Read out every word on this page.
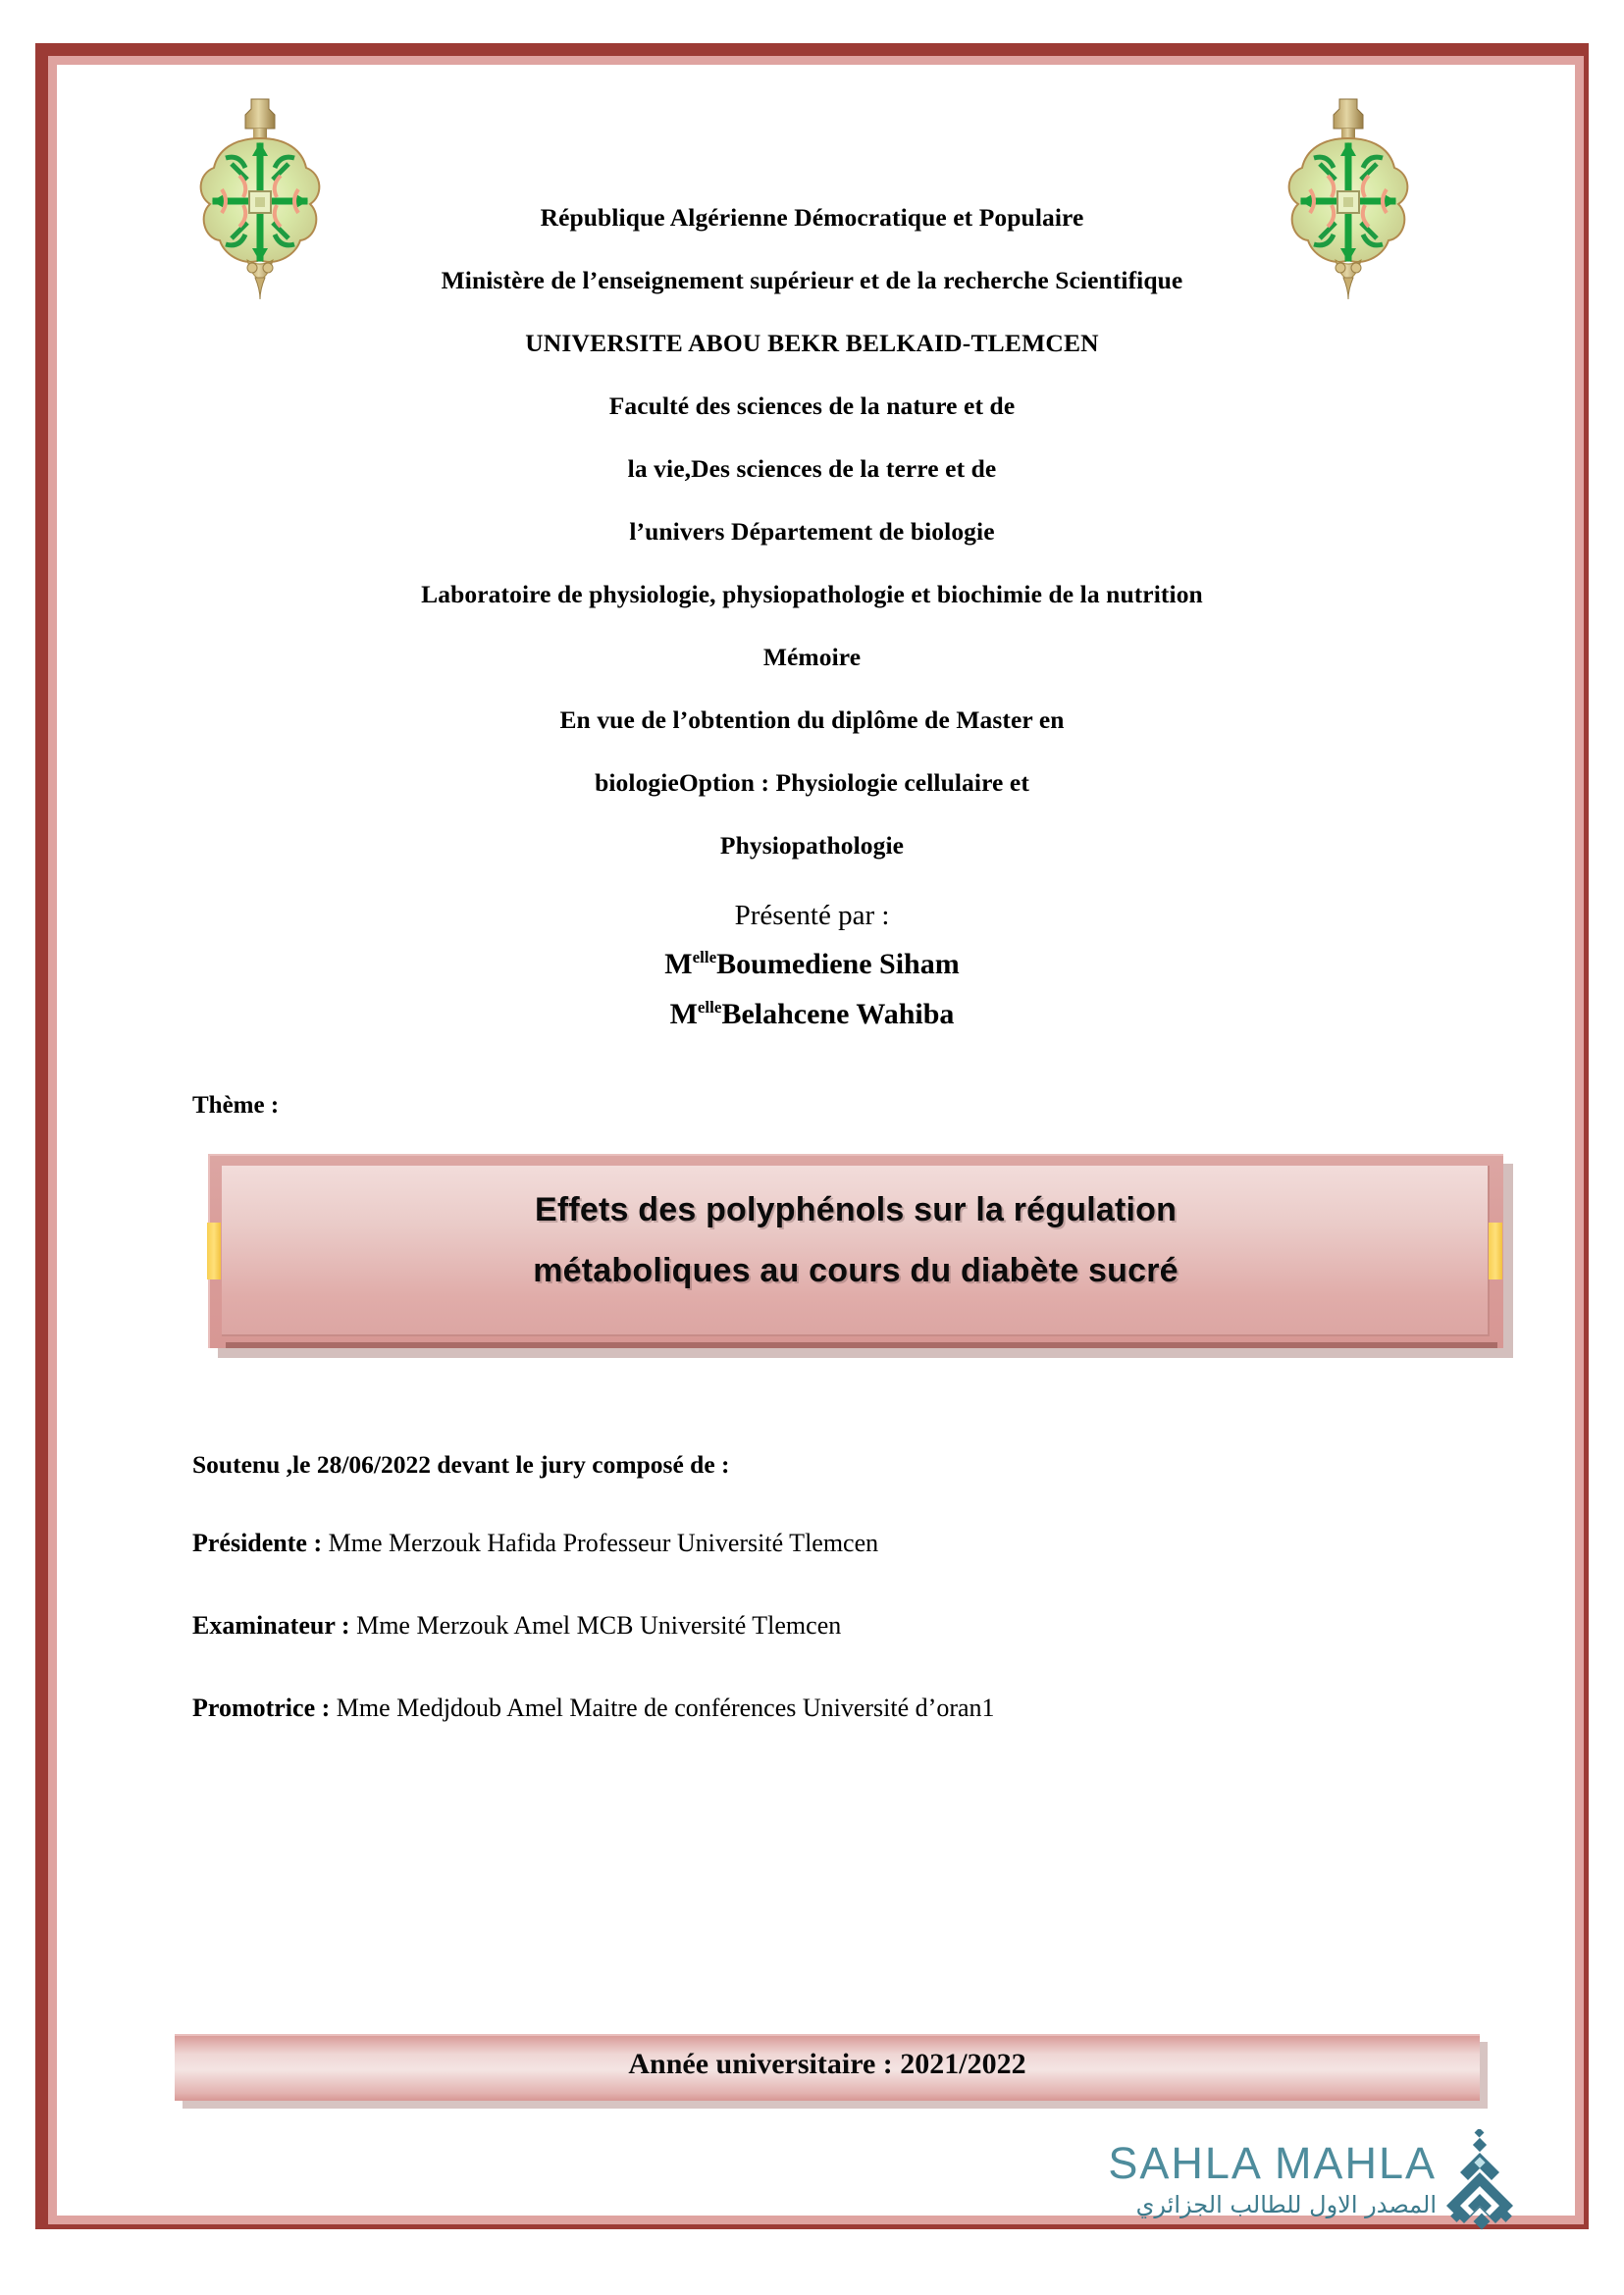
République Algérienne Démocratique et Populaire
Ministère de l’enseignement supérieur et de la recherche Scientifique
UNIVERSITE ABOU BEKR BELKAID-TLEMCEN
Faculté des sciences de la nature et de
la vie,Des sciences de la terre et de
l’univers Département de biologie
Laboratoire de physiologie, physiopathologie et biochimie de la nutrition
Mémoire
En vue de l’obtention du diplôme de Master en
biologieOption : Physiologie cellulaire et
Physiopathologie
Présenté par :
$M^{elle}Boumediene$ Siham
$M^{elle}Belahcene$ Wahiba
Thème :
Effets des polyphénols sur la régulation
métaboliques au cours du diabète sucré
Soutenu ,le 28/06/2022 devant le jury composé de :
Présidente : Mme Merzouk Hafida Professeur Université Tlemcen
Examinateur : Mme Merzouk Amel MCB Université Tlemcen
Promotrice : Mme Medjdoub Amel Maitre de conférences Université d’oran1
Année universitaire : 2021/2022
SAHLA MAHLA
المصدر الاول للطالب الجزائري
